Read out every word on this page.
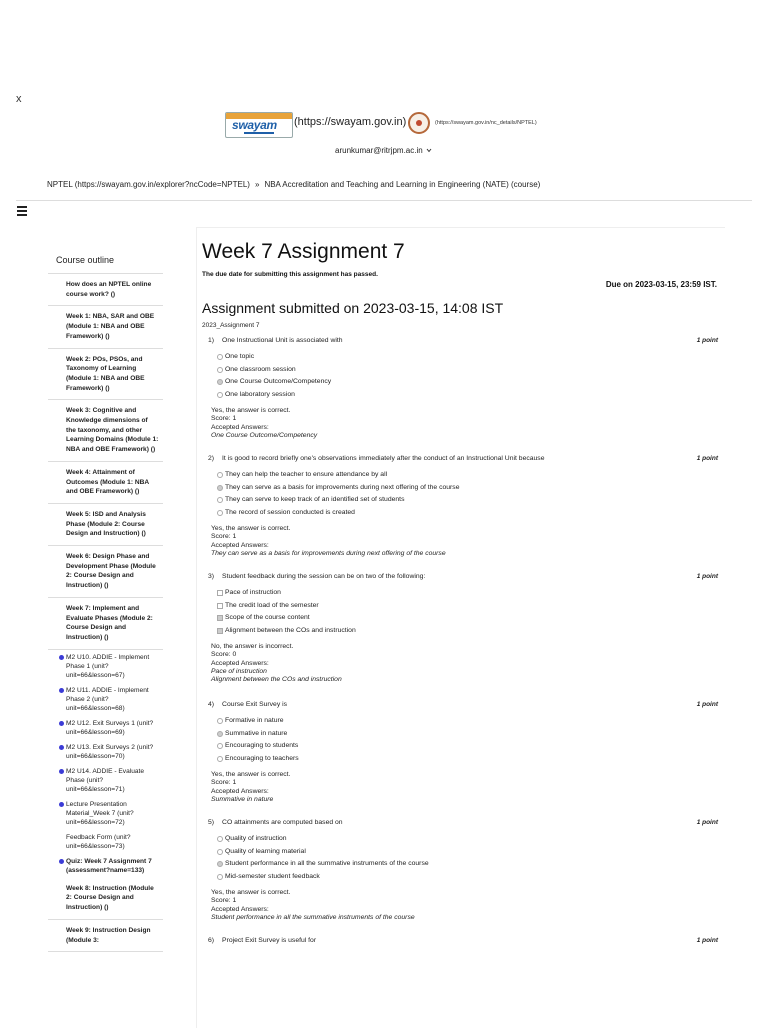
x
swayam (https://swayam.gov.in)	(https://swayam.gov.in/nc_details/NPTEL)
arunkumar@ritrjpm.ac.in
NPTEL (https://swayam.gov.in/explorer?ncCode=NPTEL) » NBA Accreditation and Teaching and Learning in Engineering (NATE) (course)
Course outline
How does an NPTEL online course work? ()
Week 1: NBA, SAR and OBE (Module 1: NBA and OBE Framework) ()
Week 2: POs, PSOs, and Taxonomy of Learning (Module 1: NBA and OBE Framework) ()
Week 3: Cognitive and Knowledge dimensions of the taxonomy, and other Learning Domains (Module 1: NBA and OBE Framework) ()
Week 4: Attainment of Outcomes (Module 1: NBA and OBE Framework) ()
Week 5: ISD and Analysis Phase (Module 2: Course Design and Instruction) ()
Week 6: Design Phase and Development Phase (Module 2: Course Design and Instruction) ()
Week 7: Implement and Evaluate Phases (Module 2: Course Design and Instruction) ()
M2 U10. ADDIE - Implement Phase 1 (unit?unit=66&lesson=67)
M2 U11. ADDIE - Implement Phase 2 (unit?unit=66&lesson=68)
M2 U12. Exit Surveys 1 (unit?unit=66&lesson=69)
M2 U13. Exit Surveys 2 (unit?unit=66&lesson=70)
M2 U14. ADDIE - Evaluate Phase (unit?unit=66&lesson=71)
Lecture Presentation Material_Week 7 (unit?unit=66&lesson=72)
Feedback Form (unit?unit=66&lesson=73)
Quiz: Week 7 Assignment 7 (assessment?name=133)
Week 8: Instruction (Module 2: Course Design and Instruction) ()
Week 9: Instruction Design (Module 3:
Week 7 Assignment 7
The due date for submitting this assignment has passed.
Due on 2023-03-15, 23:59 IST.
Assignment submitted on 2023-03-15, 14:08 IST
2023_Assignment 7
1) One Instructional Unit is associated with	1 point
One topic
One classroom session
One Course Outcome/Competency
One laboratory session
Yes, the answer is correct.
Score: 1
Accepted Answers:
One Course Outcome/Competency
2) It is good to record briefly one's observations immediately after the conduct of an Instructional Unit because	1 point
They can help the teacher to ensure attendance by all
They can serve as a basis for improvements during next offering of the course
They can serve to keep track of an identified set of students
The record of session conducted is created
Yes, the answer is correct.
Score: 1
Accepted Answers:
They can serve as a basis for improvements during next offering of the course
3) Student feedback during the session can be on two of the following:	1 point
Pace of instruction
The credit load of the semester
Scope of the course content
Alignment between the COs and instruction
No, the answer is incorrect.
Score: 0
Accepted Answers:
Pace of instruction
Alignment between the COs and instruction
4) Course Exit Survey is	1 point
Formative in nature
Summative in nature
Encouraging to students
Encouraging to teachers
Yes, the answer is correct.
Score: 1
Accepted Answers:
Summative in nature
5) CO attainments are computed based on	1 point
Quality of instruction
Quality of learning material
Student performance in all the summative instruments of the course
Mid-semester student feedback
Yes, the answer is correct.
Score: 1
Accepted Answers:
Student performance in all the summative instruments of the course
6) Project Exit Survey is useful for	1 point
